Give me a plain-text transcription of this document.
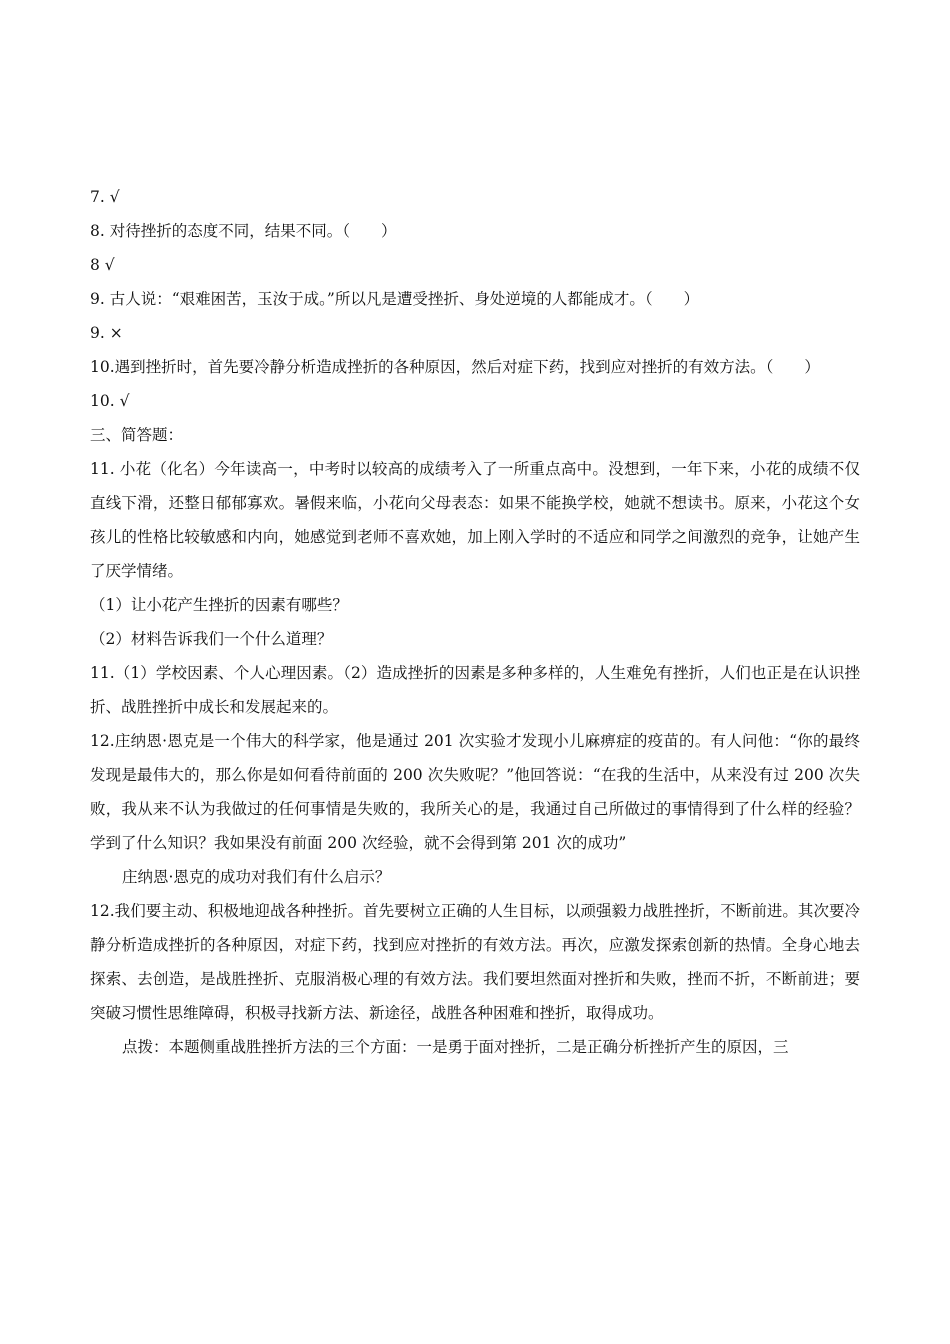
7. √
8. 对待挫折的态度不同，结果不同。（　　）
8 √
9. 古人说：“艰难困苦，玉汝于成。”所以凡是遭受挫折、身处逆境的人都能成才。（　　）
9. ×
10.遇到挫折时，首先要冷静分析造成挫折的各种原因，然后对症下药，找到应对挫折的有效方法。（　　）
10. √
三、简答题：
11. 小花（化名）今年读高一，中考时以较高的成绩考入了一所重点高中。没想到，一年下来，小花的成绩不仅直线下滑，还整日郁郁寡欢。暑假来临，小花向父母表态：如果不能换学校，她就不想读书。原来，小花这个女孩儿的性格比较敏感和内向，她感觉到老师不喜欢她，加上刚入学时的不适应和同学之间激烈的竞争，让她产生了厌学情绪。
（1）让小花产生挫折的因素有哪些？
（2）材料告诉我们一个什么道理？
11.（1）学校因素、个人心理因素。（2）造成挫折的因素是多种多样的，人生难免有挫折，人们也正是在认识挫折、战胜挫折中成长和发展起来的。
12.庄纳恩·恩克是一个伟大的科学家，他是通过 201 次实验才发现小儿麻痹症的疫苗的。有人问他：“你的最终发现是最伟大的，那么你是如何看待前面的 200 次失败呢？”他回答说：“在我的生活中，从来没有过 200 次失败，我从来不认为我做过的任何事情是失败的，我所关心的是，我通过自己所做过的事情得到了什么样的经验？学到了什么知识？我如果没有前面 200 次经验，就不会得到第 201 次的成功”
庄纳恩·恩克的成功对我们有什么启示？
12.我们要主动、积极地迎战各种挫折。首先要树立正确的人生目标，以顽强毅力战胜挫折，不断前进。其次要冷静分析造成挫折的各种原因，对症下药，找到应对挫折的有效方法。再次，应激发探索创新的热情。全身心地去探索、去创造，是战胜挫折、克服消极心理的有效方法。我们要坦然面对挫折和失败，挫而不折，不断前进；要突破习惯性思维障碍，积极寻找新方法、新途径，战胜各种困难和挫折，取得成功。
点拨：本题侧重战胜挫折方法的三个方面：一是勇于面对挫折，二是正确分析挫折产生的原因，三
